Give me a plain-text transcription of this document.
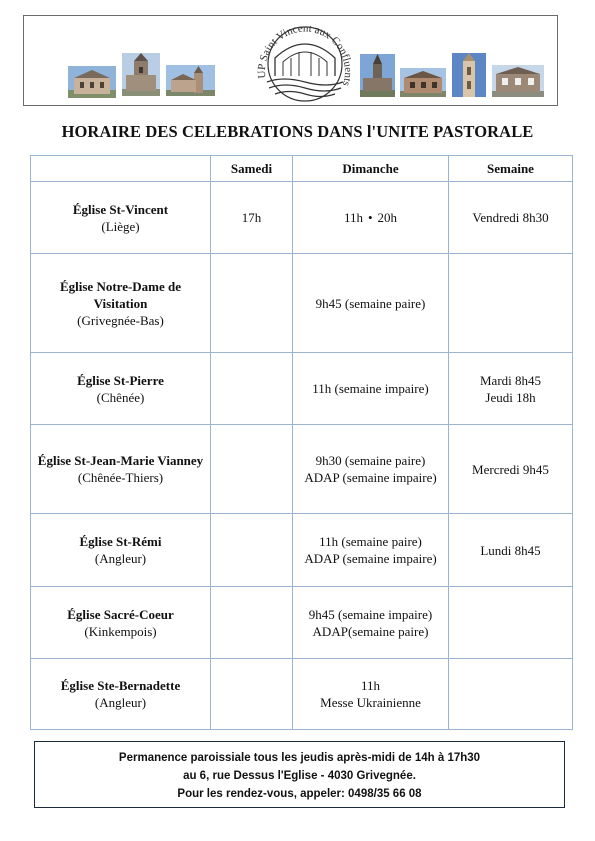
UP Saint Vincent aux Confluents
HORAIRE DES CELEBRATIONS DANS l'UNITE PASTORALE
	Samedi	Dimanche	Semaine

Église St-Vincent
(Liège)	17h	11h • 20h	Vendredi 8h30

Église Notre-Dame de Visitation
(Grivegnée-Bas)		9h45 (semaine paire)	

Église St-Pierre
(Chênée)		11h (semaine impaire)	Mardi 8h45
Jeudi 18h

Église St-Jean-Marie Vianney
(Chênée-Thiers)		9h30 (semaine paire)
ADAP (semaine impaire)	Mercredi 9h45

Église St-Rémi
(Angleur)		11h (semaine paire)
ADAP (semaine impaire)	Lundi 8h45

Église Sacré-Coeur
(Kinkempois)		9h45 (semaine impaire)
ADAP(semaine paire)	

Église Ste-Bernadette
(Angleur)		11h
Messe Ukrainienne	

Permanence paroissiale tous les jeudis après-midi de 14h à 17h30
au 6, rue Dessus l'Eglise - 4030 Grivegnée.
Pour les rendez-vous, appeler: 0498/35 66 08
